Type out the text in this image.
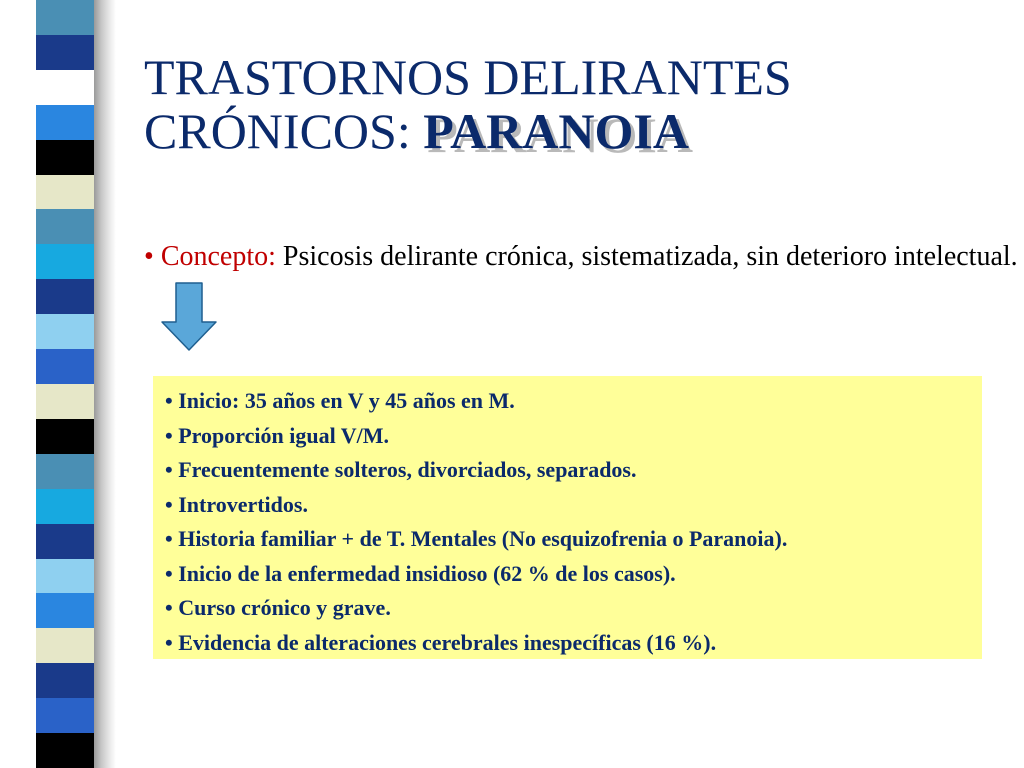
TRASTORNOS DELIRANTES
CRÓNICOS: PARANOIA
• Concepto: Psicosis delirante crónica, sistematizada, sin deterioro intelectual.
• Inicio: 35 años en V y 45 años en M.
• Proporción igual V/M.
• Frecuentemente solteros, divorciados, separados.
• Introvertidos.
• Historia familiar + de T. Mentales (No esquizofrenia o Paranoia).
• Inicio de la enfermedad insidioso (62 % de los casos).
• Curso crónico y grave.
• Evidencia de alteraciones cerebrales inespecíficas (16 %).
